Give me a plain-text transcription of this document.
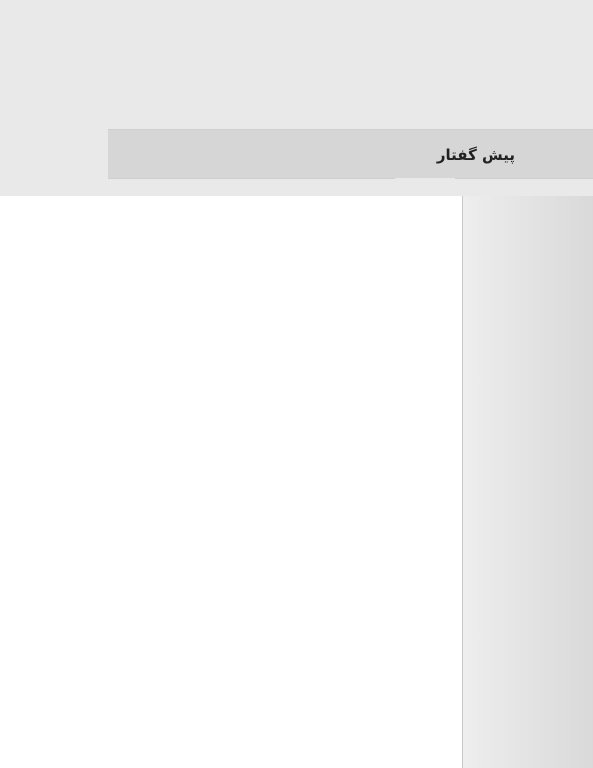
پیش گفتار
